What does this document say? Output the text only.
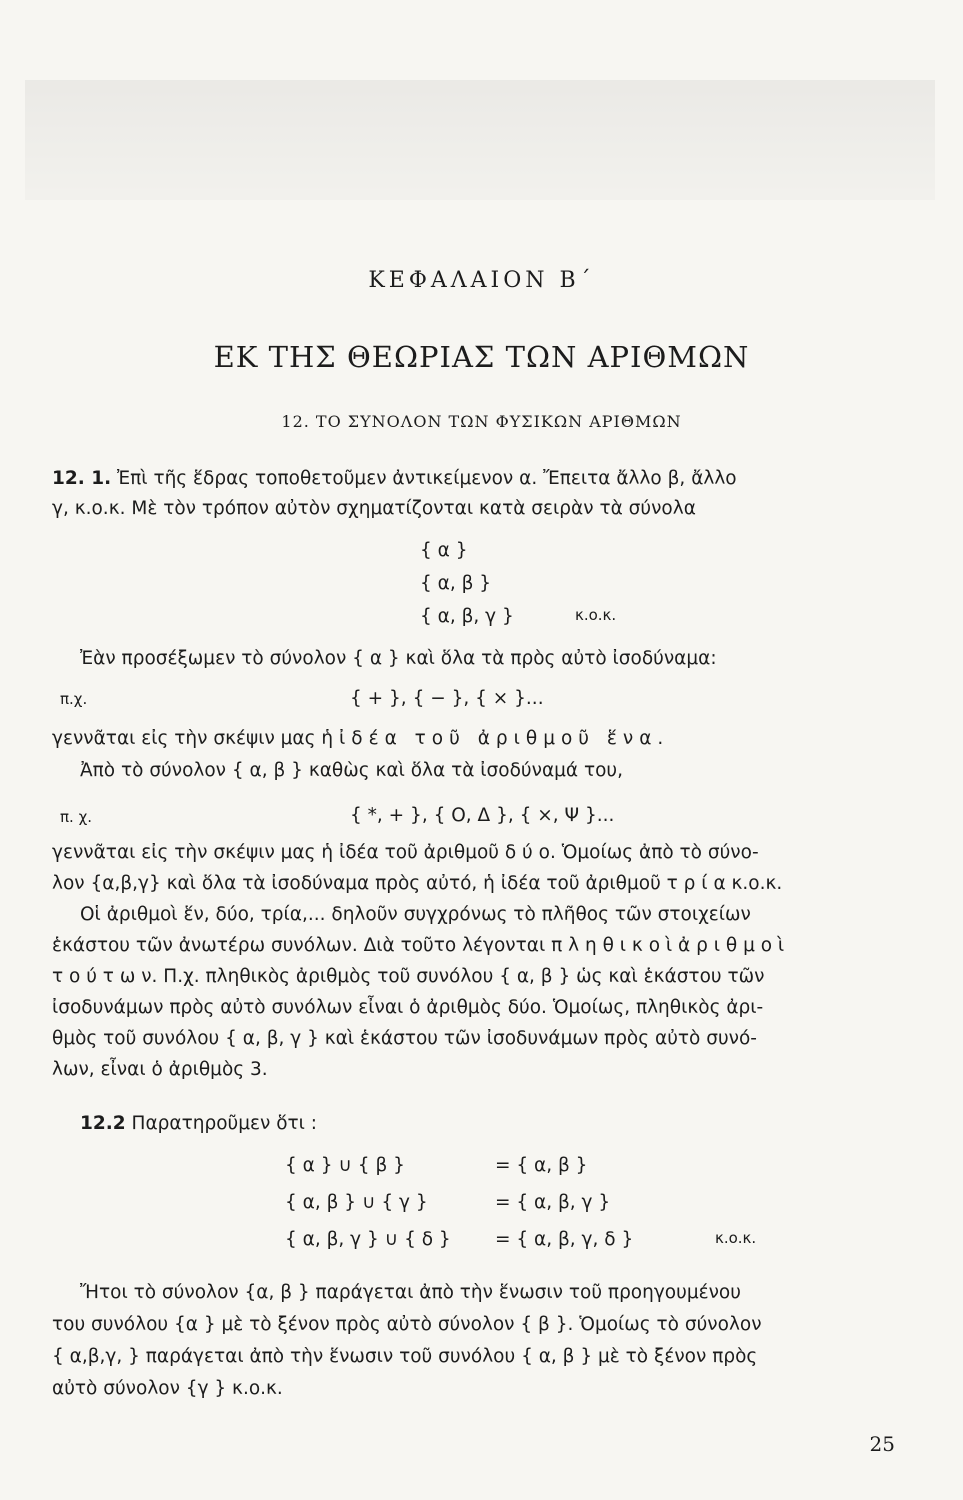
ΚΕΦΑΛΑΙΟΝ Β΄
ΕΚ ΤΗΣ ΘΕΩΡΙΑΣ ΤΩΝ ΑΡΙΘΜΩΝ
12. ΤΟ ΣΥΝΟΛΟΝ ΤΩΝ ΦΥΣΙΚΩΝ ΑΡΙΘΜΩΝ
12. 1. Ἐπὶ τῆς ἕδρας τοποθετοῦμεν ἀντικείμενον α. Ἔπειτα ἄλλο β, ἄλλο
γ, κ.ο.κ. Μὲ τὸν τρόπον αὐτὸν σχηματίζονται κατὰ σειρὰν τὰ σύνολα
{ α }
{ α, β }
{ α, β, γ }	κ.ο.κ.
Ἐὰν προσέξωμεν τὸ σύνολον { α } καὶ ὅλα τὰ πρὸς αὐτὸ ἰσοδύναμα:
π.χ.	{ + }, { − }, { × }...
γεννᾶται εἰς τὴν σκέψιν μας ἡ ἰδέα τοῦ ἀριθμοῦ ἕνα.
Ἀπὸ τὸ σύνολον { α, β } καθὼς καὶ ὅλα τὰ ἰσοδύναμά του,
π. χ.	{ *, + }, { Ο, Δ }, { ×, Ψ }...
γεννᾶται εἰς τὴν σκέψιν μας ἡ ἰδέα τοῦ ἀριθμοῦ δ ύ ο. Ὁμοίως ἀπὸ τὸ σύνο-
λον {α,β,γ} καὶ ὅλα τὰ ἰσοδύναμα πρὸς αὐτό, ἡ ἰδέα τοῦ ἀριθμοῦ τ ρ ί α κ.ο.κ.
Οἱ ἀριθμοὶ ἕν, δύο, τρία,... δηλοῦν συγχρόνως τὸ πλῆθος τῶν στοιχείων
ἑκάστου τῶν ἀνωτέρω συνόλων. Διὰ τοῦτο λέγονται π λ η θ ι κ ο ὶ ἀ ρ ι θ μ ο ὶ
τ ο ύ τ ω ν. Π.χ. πληθικὸς ἀριθμὸς τοῦ συνόλου { α, β } ὡς καὶ ἑκάστου τῶν
ἰσοδυνάμων πρὸς αὐτὸ συνόλων εἶναι ὁ ἀριθμὸς δύο. Ὁμοίως, πληθικὸς ἀρι-
θμὸς τοῦ συνόλου { α, β, γ } καὶ ἑκάστου τῶν ἰσοδυνάμων πρὸς αὐτὸ συνό-
λων, εἶναι ὁ ἀριθμὸς 3.
12.2 Παρατηροῦμεν ὅτι :
{ α } ∪ { β }	= { α, β }
{ α, β } ∪ { γ }	= { α, β, γ }
{ α, β, γ } ∪ { δ } = { α, β, γ, δ }	κ.ο.κ.
Ἤτοι τὸ σύνολον {α, β } παράγεται ἀπὸ τὴν ἕνωσιν τοῦ προηγουμένου
του συνόλου {α } μὲ τὸ ξένον πρὸς αὐτὸ σύνολον { β }. Ὁμοίως τὸ σύνολον
{ α,β,γ, } παράγεται ἀπὸ τὴν ἕνωσιν τοῦ συνόλου { α, β } μὲ τὸ ξένον πρὸς
αὐτὸ σύνολον {γ } κ.ο.κ.
25
